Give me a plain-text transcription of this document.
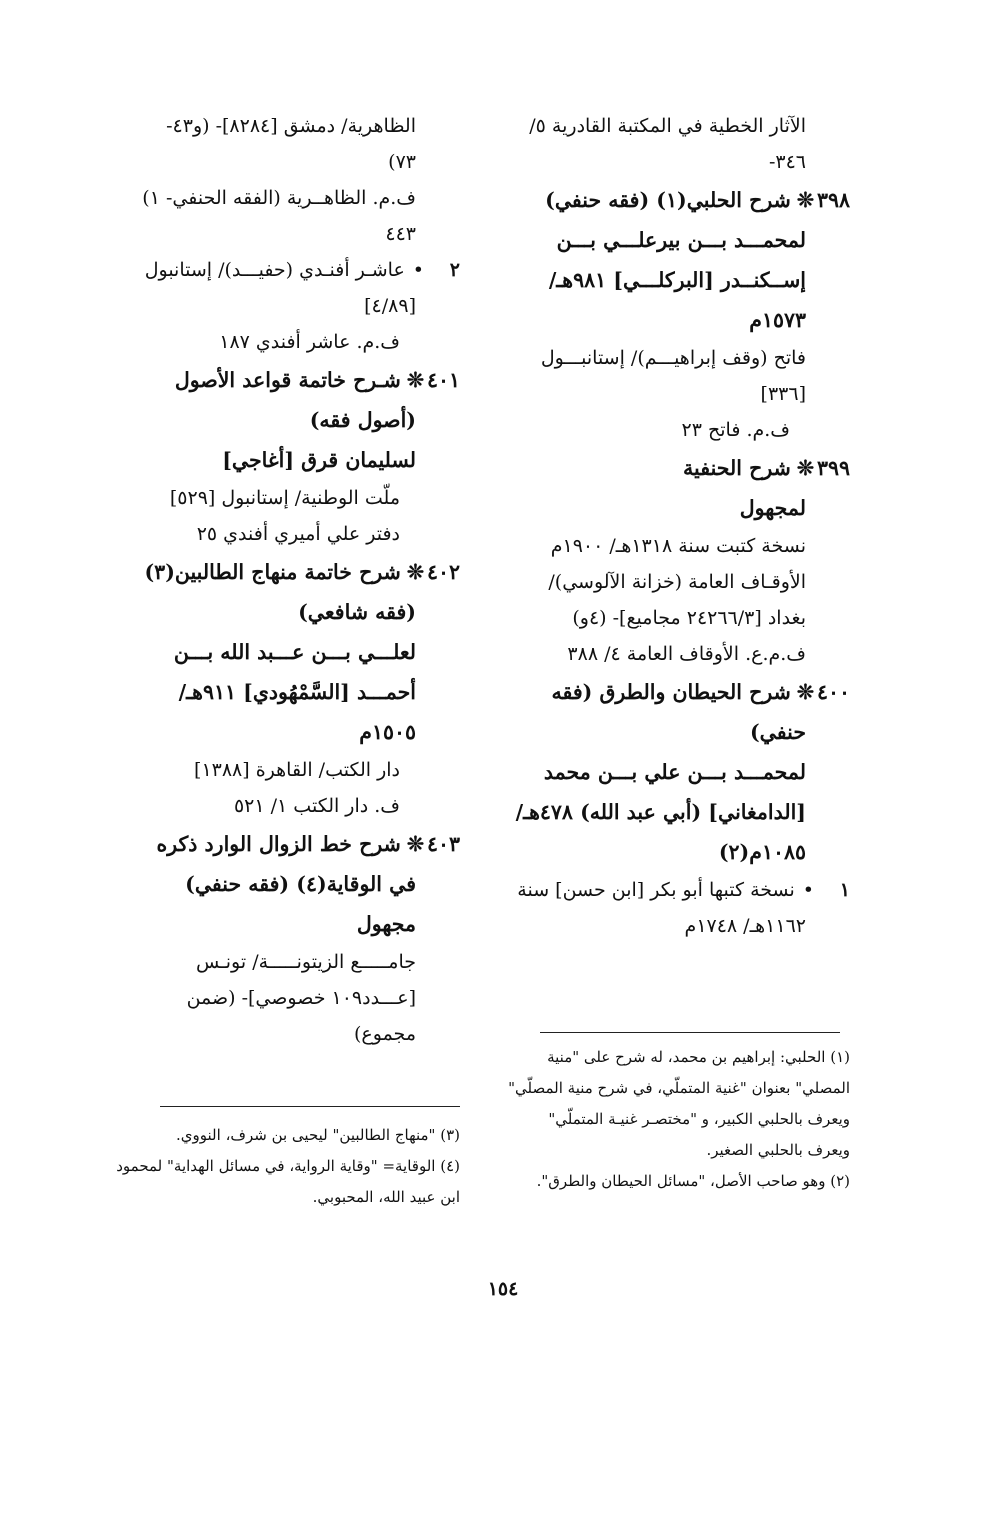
الآثار الخطية في المكتبة القادرية ٥/
٣٤٦-
٣٩٨❊شرح الحلبي(١) (فقه حنفي)
لمحمـــد بـــن بيرعلـــي بـــن
إســكنــدر [البركلـــي] ٩٨١هـ/
١٥٧٣م
فاتح (وقف إبراهيـــم)/ إستانبـــول
[٣٣٦]
ف.م. فاتح ٢٣
٣٩٩❊شرح الحنفية
لمجهول
نسخة كتبت سنة ١٣١٨هـ/ ١٩٠٠م
الأوقـاف العامة (خزانة الآلوسي)/
بغداد [٢٤٢٦٦/٣ مجاميع]- (٤و)
ف.م.ع. الأوقاف العامة ٤/ ٣٨٨
٤٠٠❊شرح الحيطان والطرق (فقه
حنفي)
لمحمـــد بـــن علي بـــن محمد
[الدامغاني] (أبي عبد الله) ٤٧٨هـ/
١٠٨٥م(٢)
١•نسخة كتبها أبو بكر [ابن حسن] سنة
١١٦٢هـ/ ١٧٤٨م
الظاهرية/ دمشق [٨٢٨٤]- (و٤٣-
٧٣)
ف.م. الظاهــرية (الفقه الحنفي- ١)
٤٤٣
٢•عاشـر أفنـدي (حفيـــد)/ إستانبول
[٤/٨٩]
ف.م. عاشر أفندي ١٨٧
٤٠١❊شـرح خاتمة قواعد الأصول
(أصول فقه)
لسليمان قرق [أغاجي]
ملّت الوطنية/ إستانبول [٥٢٩]
دفتر علي أميري أفندي ٢٥
٤٠٢❊شرح خاتمة منهاج الطالبين(٣)
(فقه شافعي)
لعلـــي بـــن عـــبد الله بـــن
أحمـــد [السَّمْهُودي] ٩١١هـ/
١٥٠٥م
دار الكتب/ القاهرة [١٣٨٨]
ف. دار الكتب ١/ ٥٢١
٤٠٣❊شرح خط الزوال الوارد ذكره
في الوقاية(٤) (فقه حنفي)
مجهول
جامـــــع الزيتونـــــة/ تونـس
[عـــدد١٠٩ خصوصي]- (ضمن
مجموع)
(١) الحلبي: إبراهيم بن محمد، له شرح على "منية
المصلي" بعنوان "غنية المتملّي، في شرح منية المصلّي"
ويعرف بالحلبي الكبير، و "مختصـر غنيـة المتملّي"
ويعرف بالحلبي الصغير.
(٢) وهو صاحب الأصل، "مسائل الحيطان والطرق".
(٣) "منهاج الطالبين" ليحيى بن شرف، النووي.
(٤) الوقاية= "وقاية الرواية، في مسائل الهداية" لمحمود
ابن عبيد الله، المحبوبي.
١٥٤
